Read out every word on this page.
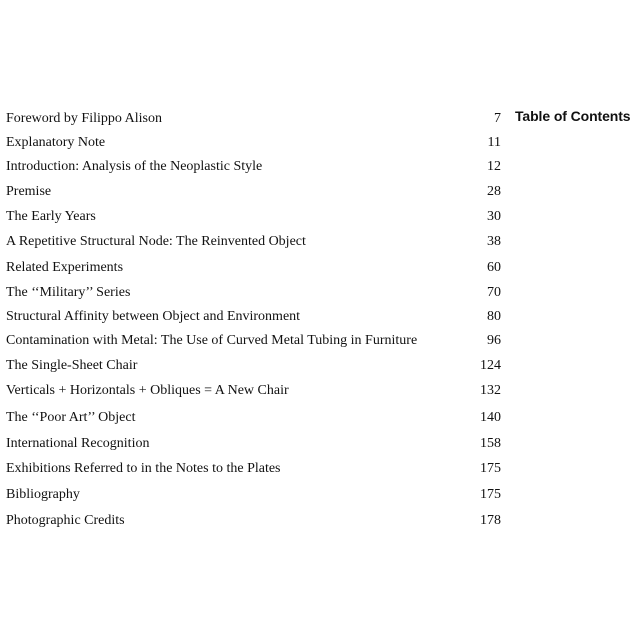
Table of Contents
Foreword by Filippo Alison	7
Explanatory Note	11
Introduction: Analysis of the Neoplastic Style	12
Premise	28
The Early Years	30
A Repetitive Structural Node: The Reinvented Object	38
Related Experiments	60
The ‘‘Military’’ Series	70
Structural Affinity between Object and Environment	80
Contamination with Metal: The Use of Curved Metal Tubing in Furniture	96
The Single-Sheet Chair	124
Verticals + Horizontals + Obliques = A New Chair	132
The ‘‘Poor Art’’ Object	140
International Recognition	158
Exhibitions Referred to in the Notes to the Plates	175
Bibliography	175
Photographic Credits	178
